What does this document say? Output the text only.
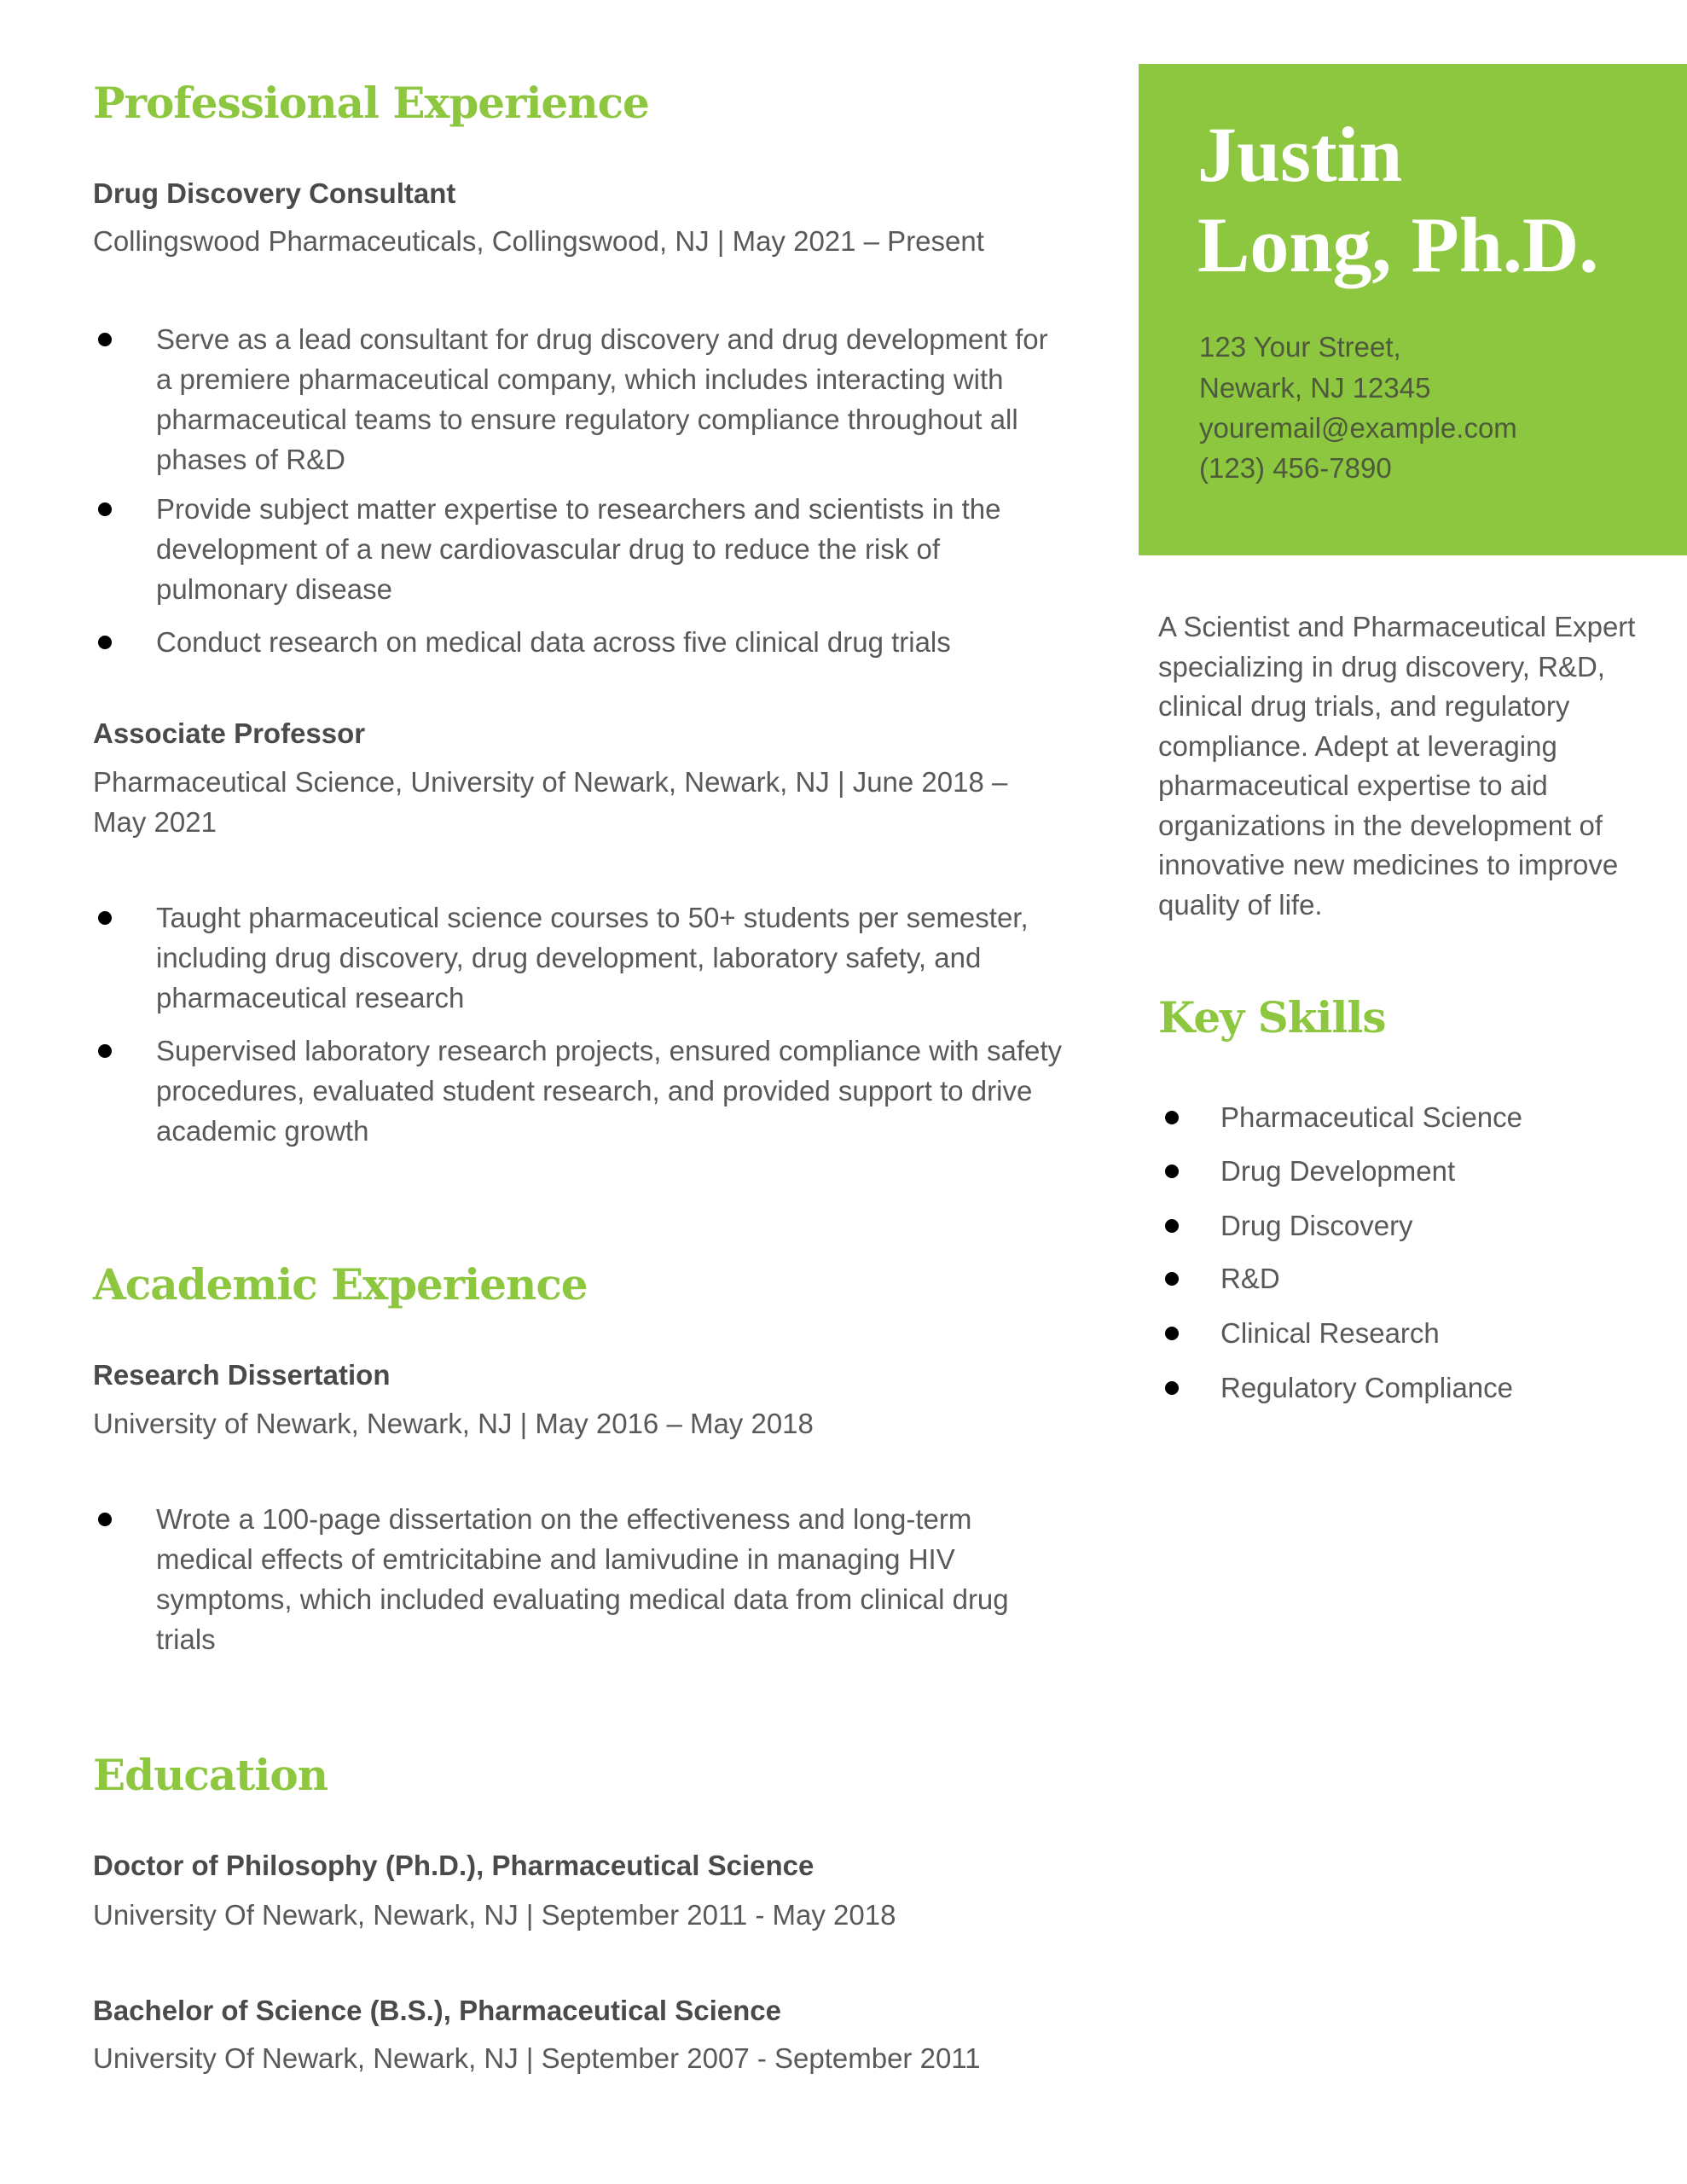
Professional Experience
Drug Discovery Consultant
Collingswood Pharmaceuticals, Collingswood, NJ | May 2021 – Present
Serve as a lead consultant for drug discovery and drug development for a premiere pharmaceutical company, which includes interacting with pharmaceutical teams to ensure regulatory compliance throughout all phases of R&D
Provide subject matter expertise to researchers and scientists in the development of a new cardiovascular drug to reduce the risk of pulmonary disease
Conduct research on medical data across five clinical drug trials
Associate Professor
Pharmaceutical Science, University of Newark, Newark, NJ | June 2018 – May 2021
Taught pharmaceutical science courses to 50+ students per semester, including drug discovery, drug development, laboratory safety, and pharmaceutical research
Supervised laboratory research projects, ensured compliance with safety procedures, evaluated student research, and provided support to drive academic growth
Academic Experience
Research Dissertation
University of Newark, Newark, NJ | May 2016 – May 2018
Wrote a 100-page dissertation on the effectiveness and long-term medical effects of emtricitabine and lamivudine in managing HIV symptoms, which included evaluating medical data from clinical drug trials
Education
Doctor of Philosophy (Ph.D.), Pharmaceutical Science
University Of Newark, Newark, NJ | September 2011 - May 2018
Bachelor of Science (B.S.), Pharmaceutical Science
University Of Newark, Newark, NJ | September 2007 - September 2011
Justin
Long, Ph.D.
123 Your Street,
Newark, NJ 12345
youremail@example.com
(123) 456-7890
A Scientist and Pharmaceutical Expert specializing in drug discovery, R&D, clinical drug trials, and regulatory compliance. Adept at leveraging pharmaceutical expertise to aid organizations in the development of innovative new medicines to improve quality of life.
Key Skills
Pharmaceutical Science
Drug Development
Drug Discovery
R&D
Clinical Research
Regulatory Compliance
